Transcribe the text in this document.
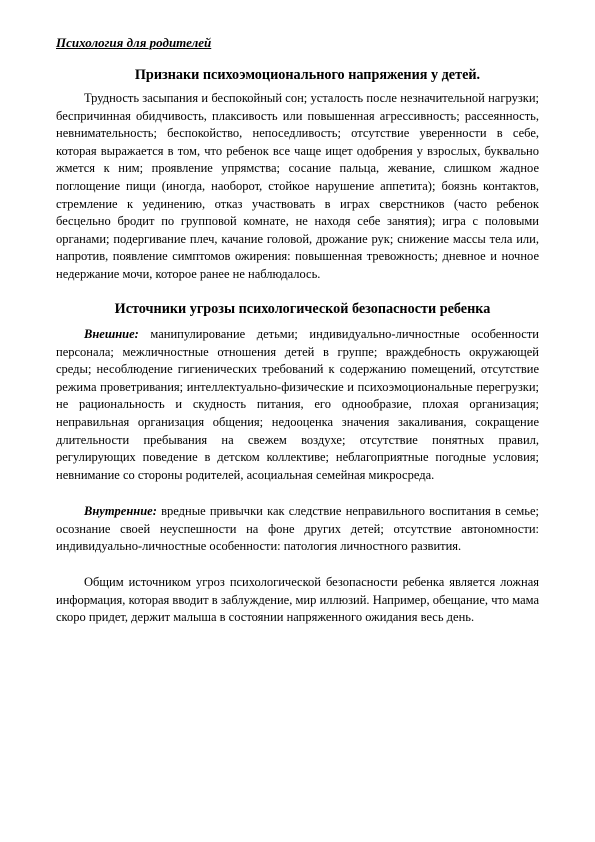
Психология для родителей
Признаки психоэмоционального напряжения у детей.

Трудность засыпания и беспокойный сон; усталость после незначительной нагрузки; беспричинная обидчивость, плаксивость или повышенная агрессивность; рассеянность, невнимательность; беспокойство, непоседливость; отсутствие уверенности в себе, которая выражается в том, что ребенок все чаще ищет одобрения у взрослых, буквально жмется к ним; проявление упрямства; сосание пальца, жевание, слишком жадное поглощение пищи (иногда, наоборот, стойкое нарушение аппетита); боязнь контактов, стремление к уединению, отказ участвовать в играх сверстников (часто ребенок бесцельно бродит по групповой комнате, не находя себе занятия); игра с половыми органами; подергивание плеч, качание головой, дрожание рук; снижение массы тела или, напротив, появление симптомов ожирения: повышенная тревожность; дневное и ночное недержание мочи, которое ранее не наблюдалось.

Источники угрозы психологической безопасности ребенка

Внешние: манипулирование детьми; индивидуально-личностные особенности персонала; межличностные отношения детей в группе; враждебность окружающей среды; несоблюдение гигиенических требований к содержанию помещений, отсутствие режима проветривания; интеллектуально-физические и психоэмоциональные перегрузки; не рациональность и скудность питания, его однообразие, плохая организация; неправильная организация общения; недооценка значения закаливания, сокращение длительности пребывания на свежем воздухе; отсутствие понятных правил, регулирующих поведение в детском коллективе; неблагоприятные погодные условия; невнимание со стороны родителей, асоциальная семейная микросреда.

Внутренние: вредные привычки как следствие неправильного воспитания в семье; осознание своей неуспешности на фоне других детей; отсутствие автономности: индивидуально-личностные особенности: патология личностного развития.

Общим источником угроз психологической безопасности ребенка является ложная информация, которая вводит в заблуждение, мир иллюзий. Например, обещание, что мама скоро придет, держит малыша в состоянии напряженного ожидания весь день.
